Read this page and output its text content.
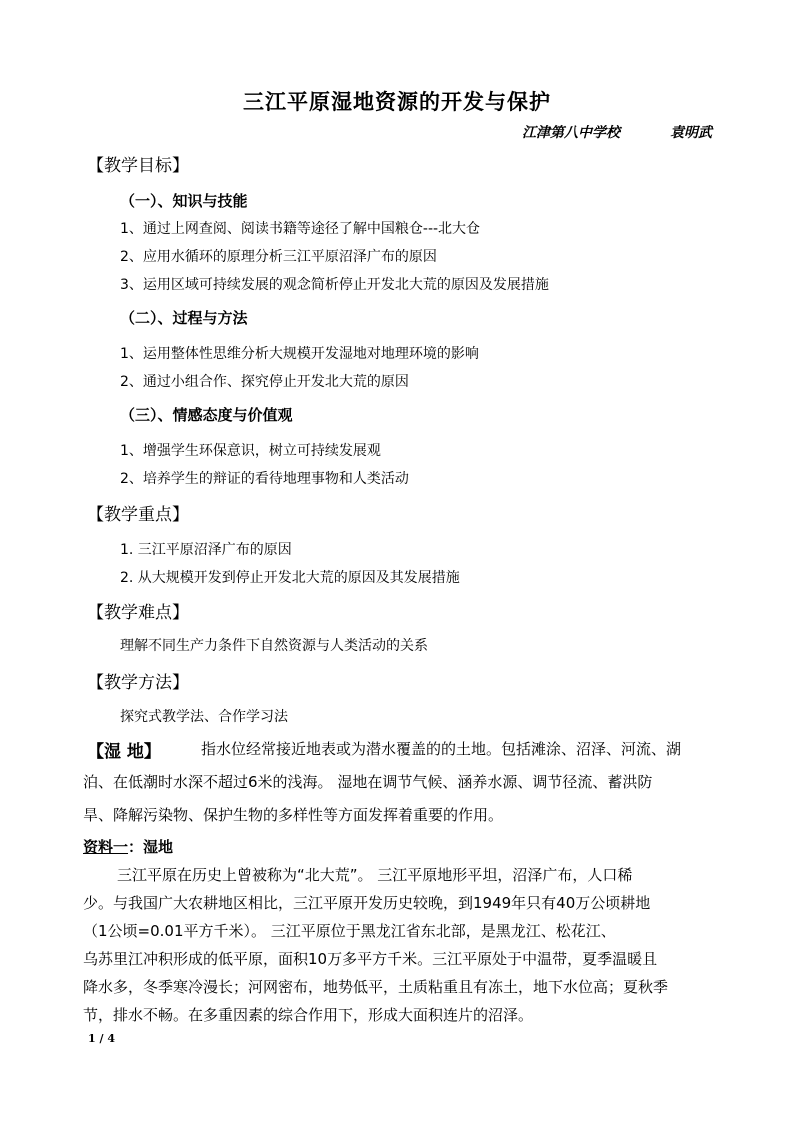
三江平原湿地资源的开发与保护
江津第八中学校	袁明武
【教学目标】
（一）、知识与技能
1、通过上网查阅、阅读书籍等途径了解中国粮仓---北大仓
2、应用水循环的原理分析三江平原沼泽广布的原因
3、运用区域可持续发展的观念简析停止开发北大荒的原因及发展措施
（二）、过程与方法
1、运用整体性思维分析大规模开发湿地对地理环境的影响
2、通过小组合作、探究停止开发北大荒的原因
（三）、情感态度与价值观
1、增强学生环保意识，树立可持续发展观
2、培养学生的辩证的看待地理事物和人类活动
【教学重点】
1. 三江平原沼泽广布的原因
2. 从大规模开发到停止开发北大荒的原因及其发展措施
【教学难点】
理解不同生产力条件下自然资源与人类活动的关系
【教学方法】
探究式教学法、合作学习法
【湿 地】	指水位经常接近地表或为潜水覆盖的的土地。包括滩涂、沼泽、河流、湖
泊、在低潮时水深不超过6米的浅海。 湿地在调节气候、涵养水源、调节径流、蓄洪防
旱、降解污染物、保护生物的多样性等方面发挥着重要的作用。
资料一：湿地
三江平原在历史上曾被称为“北大荒”。 三江平原地形平坦，沼泽广布，人口稀
少。与我国广大农耕地区相比，三江平原开发历史较晚，到1949年只有40万公顷耕地
（1公顷=0.01平方千米）。 三江平原位于黑龙江省东北部，是黑龙江、松花江、
乌苏里江冲积形成的低平原，面积10万多平方千米。三江平原处于中温带，夏季温暖且
降水多，冬季寒冷漫长；河网密布，地势低平，土质粘重且有冻土，地下水位高；夏秋季
节，排水不畅。在多重因素的综合作用下，形成大面积连片的沼泽。
1 / 4
